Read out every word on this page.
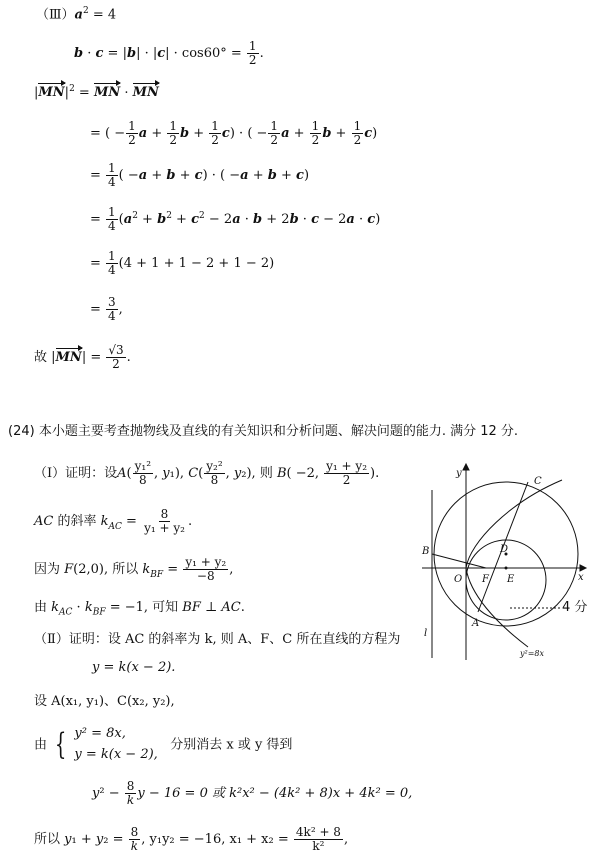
$(Ⅲ)a^2 = 4$
$b \cdot c = |b| \cdot |c| \cdot \cos 60^\circ = \frac{1}{2}$ .
$|MN|^2$ = MN · MN
= ( − $\frac{1}{2}$ $a + \frac{1}{2}$ $b + \frac{1}{2} c$) · ( − $\frac{1}{2}$ $a + \frac{1}{2}$ $b + \frac{1}{2} c$)
= $\frac{1}{4}$ ( −a + b + c) · ( −a + b + c)
= $\frac{1}{4} (a^2 + b^2 + c^2 - 2a \cdot b + 2b \cdot c - 2a \cdot c)$
= $\frac{1}{4} (4 + 1 + 1 - 2 + 1 - 2)$
= $\frac{3}{4}$ ,
故 $|MN| = \frac{√3}{2}$ .
(24) 本小题主要考查抛物线及直线的有关知识和分析问题、解决问题的能力. 满分 12 分.
（Ⅰ）证明：设$A( \frac{\text{y₁²}}{8}$ , y₁), $C( \frac{\text{y₂²}}{8}$ , y₂), 则 B( −2, $\frac{\text{y₁ + y₂}}{2}$ ).
AC 的斜率 $k_{AC} = \frac{8}{\text{y₁ + y₂}}$ .
因为 F(2,0), 所以 $k_{BF} = \frac{\text{y₁ + y₂}}{-8}$ ,
由 $k_{AC} \cdot k_{BF} = -1$, 可知 BF ⊥ AC.
（Ⅱ）证明：设 AC 的斜率为 k, 则 A、F、C 所在直线的方程为
y = k(x − 2).
设 A(x₁, y₁)、C(x₂, y₂),
由 { y² = 8x,
y = k(x − 2),   分别消去 x 或 y 得到
$y^2 - \frac{8}{k}$ y − 16 = 0 或 k²x² − (4k² + 8)x + 4k² = 0,
所以 $y_1 + y_2 = \frac{8}{k}$ , y₁y₂ = −16, $x_1 + x_2 = \frac{\text{4k² + 8}}{\text{k²}}$ ,
y
x
C
B	D
O F E
A
l
y²=8x
4 分
